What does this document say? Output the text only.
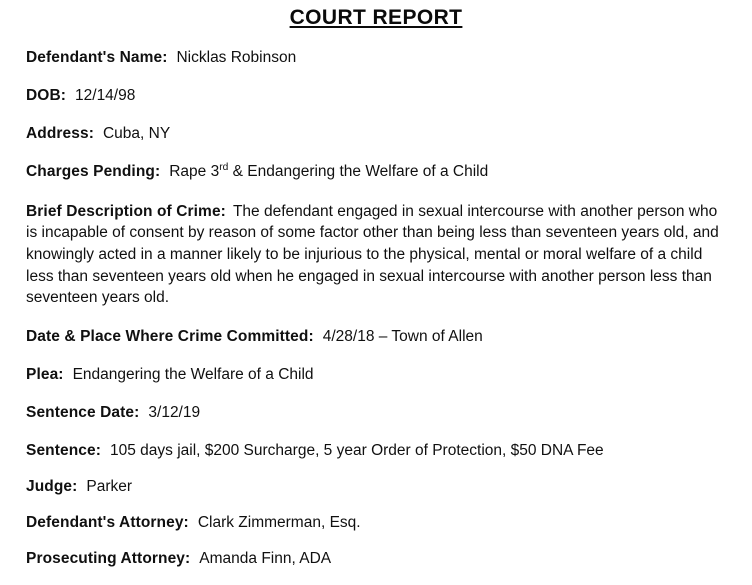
COURT REPORT
Defendant's Name: Nicklas Robinson
DOB: 12/14/98
Address: Cuba, NY
Charges Pending: Rape 3rd & Endangering the Welfare of a Child
Brief Description of Crime: The defendant engaged in sexual intercourse with another person who is incapable of consent by reason of some factor other than being less than seventeen years old, and knowingly acted in a manner likely to be injurious to the physical, mental or moral welfare of a child less than seventeen years old when he engaged in sexual intercourse with another person less than seventeen years old.
Date & Place Where Crime Committed: 4/28/18 – Town of Allen
Plea: Endangering the Welfare of a Child
Sentence Date: 3/12/19
Sentence: 105 days jail, $200 Surcharge, 5 year Order of Protection, $50 DNA Fee
Judge: Parker
Defendant's Attorney: Clark Zimmerman, Esq.
Prosecuting Attorney: Amanda Finn, ADA
